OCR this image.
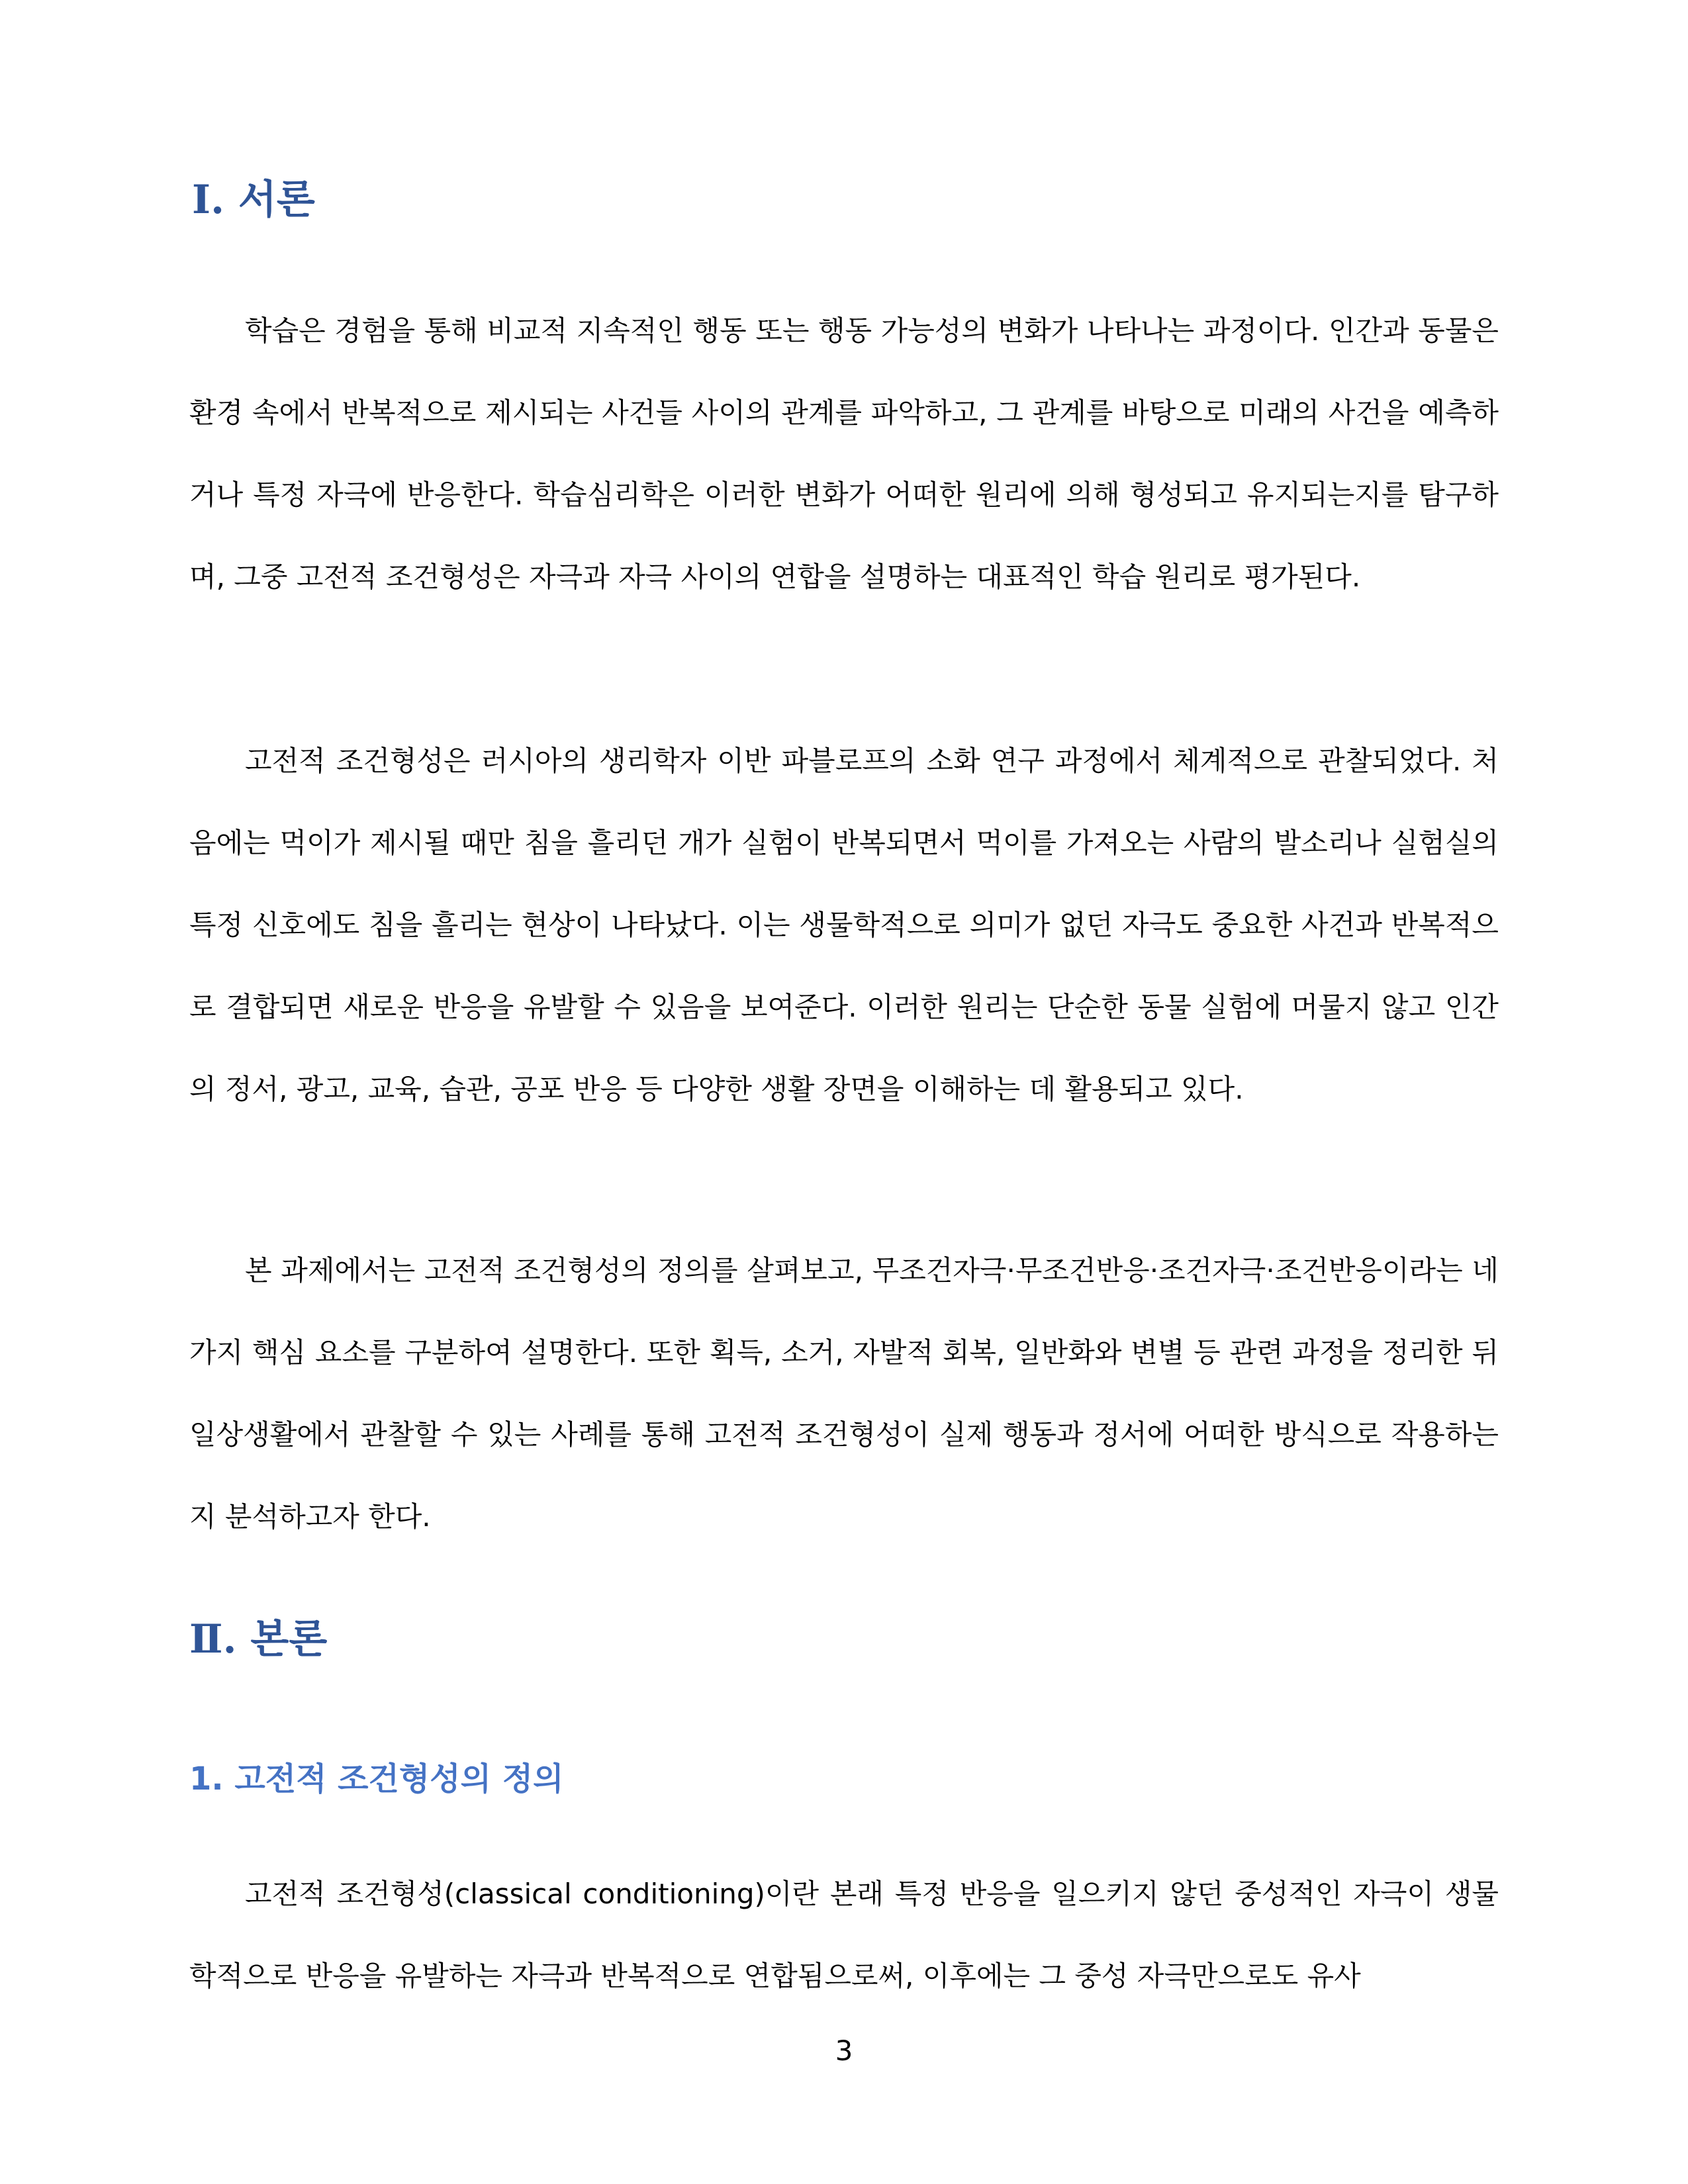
Ⅰ. 서론

학습은 경험을 통해 비교적 지속적인 행동 또는 행동 가능성의 변화가 나타나는 과정이다. 인간과 동물은 환경 속에서 반복적으로 제시되는 사건들 사이의 관계를 파악하고, 그 관계를 바탕으로 미래의 사건을 예측하거나 특정 자극에 반응한다. 학습심리학은 이러한 변화가 어떠한 원리에 의해 형성되고 유지되는지를 탐구하며, 그중 고전적 조건형성은 자극과 자극 사이의 연합을 설명하는 대표적인 학습 원리로 평가된다.

고전적 조건형성은 러시아의 생리학자 이반 파블로프의 소화 연구 과정에서 체계적으로 관찰되었다. 처음에는 먹이가 제시될 때만 침을 흘리던 개가 실험이 반복되면서 먹이를 가져오는 사람의 발소리나 실험실의 특정 신호에도 침을 흘리는 현상이 나타났다. 이는 생물학적으로 의미가 없던 자극도 중요한 사건과 반복적으로 결합되면 새로운 반응을 유발할 수 있음을 보여준다. 이러한 원리는 단순한 동물 실험에 머물지 않고 인간의 정서, 광고, 교육, 습관, 공포 반응 등 다양한 생활 장면을 이해하는 데 활용되고 있다.

본 과제에서는 고전적 조건형성의 정의를 살펴보고, 무조건자극·무조건반응·조건자극·조건반응이라는 네 가지 핵심 요소를 구분하여 설명한다. 또한 획득, 소거, 자발적 회복, 일반화와 변별 등 관련 과정을 정리한 뒤 일상생활에서 관찰할 수 있는 사례를 통해 고전적 조건형성이 실제 행동과 정서에 어떠한 방식으로 작용하는지 분석하고자 한다.

Ⅱ. 본론
1. 고전적 조건형성의 정의

고전적 조건형성(classical conditioning)이란 본래 특정 반응을 일으키지 않던 중성적인 자극이 생물학적으로 반응을 유발하는 자극과 반복적으로 연합됨으로써, 이후에는 그 중성 자극만으로도 유사

3
